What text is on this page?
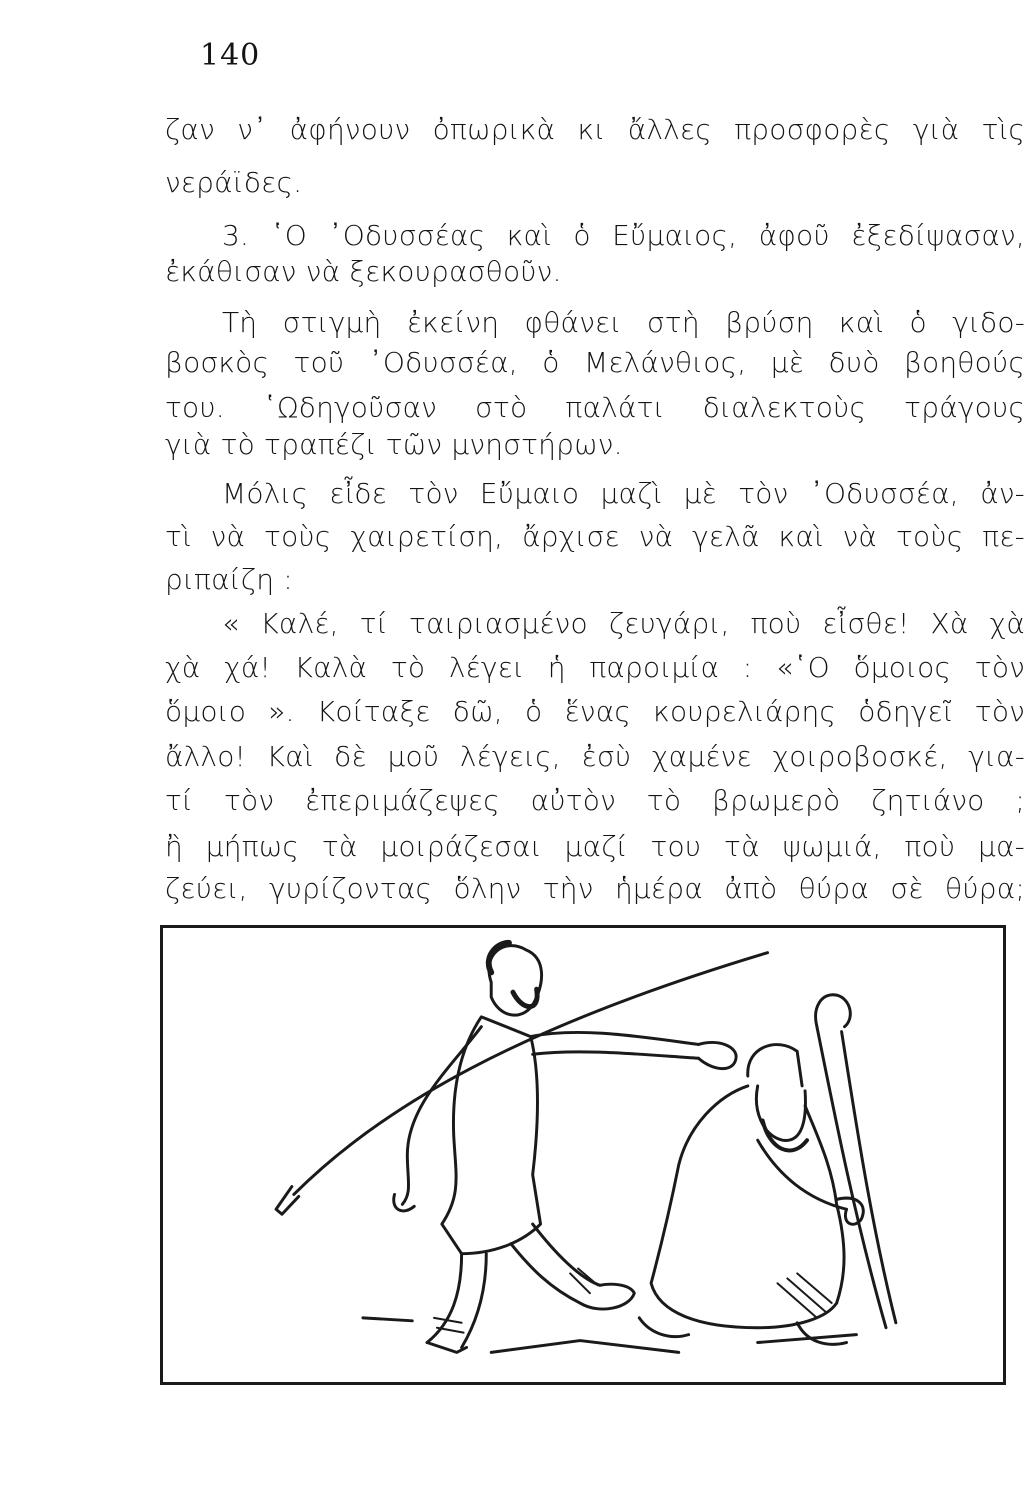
140
ζαν ν᾽ ἀφήνουν ὀπωρικὰ κι ἄλλες προσφορὲς γιὰ τὶς
νεράϊδες.
3. ῾Ο ᾽Οδυσσέας καὶ ὁ Εὔμαιος, ἀφοῦ ἐξεδίψασαν,
ἐκάθισαν νὰ ξεκουρασθοῦν.
Τὴ στιγμὴ ἐκείνη φθάνει στὴ βρύση καὶ ὁ γιδο-
βοσκὸς τοῦ ᾽Οδυσσέα, ὁ Μελάνθιος, μὲ δυὸ βοηθούς
του. ῾Ωδηγοῦσαν στὸ παλάτι διαλεκτοὺς τράγους
γιὰ τὸ τραπέζι τῶν μνηστήρων.
Μόλις εἶδε τὸν Εὔμαιο μαζὶ μὲ τὸν ᾽Οδυσσέα, ἀν-
τὶ νὰ τοὺς χαιρετίση, ἄρχισε νὰ γελᾶ καὶ νὰ τοὺς πε-
ριπαίζη :
« Καλέ, τί ταιριασμένο ζευγάρι, ποὺ εἶσθε! Χὰ χὰ
χὰ χά! Καλὰ τὸ λέγει ἡ παροιμία : «῾Ο ὅμοιος τὸν
ὅμοιο ». Κοίταξε δῶ, ὁ ἕνας κουρελιάρης ὁδηγεῖ τὸν
ἄλλο! Καὶ δὲ μοῦ λέγεις, ἐσὺ χαμένε χοιροβοσκέ, για-
τί τὸν ἐπεριμάζεψες αὐτὸν τὸ βρωμερὸ ζητιάνο ;
ἢ μήπως τὰ μοιράζεσαι μαζί του τὰ ψωμιά, ποὺ μα-
ζεύει, γυρίζοντας ὅλην τὴν ἡμέρα ἀπὸ θύρα σὲ θύρα;
